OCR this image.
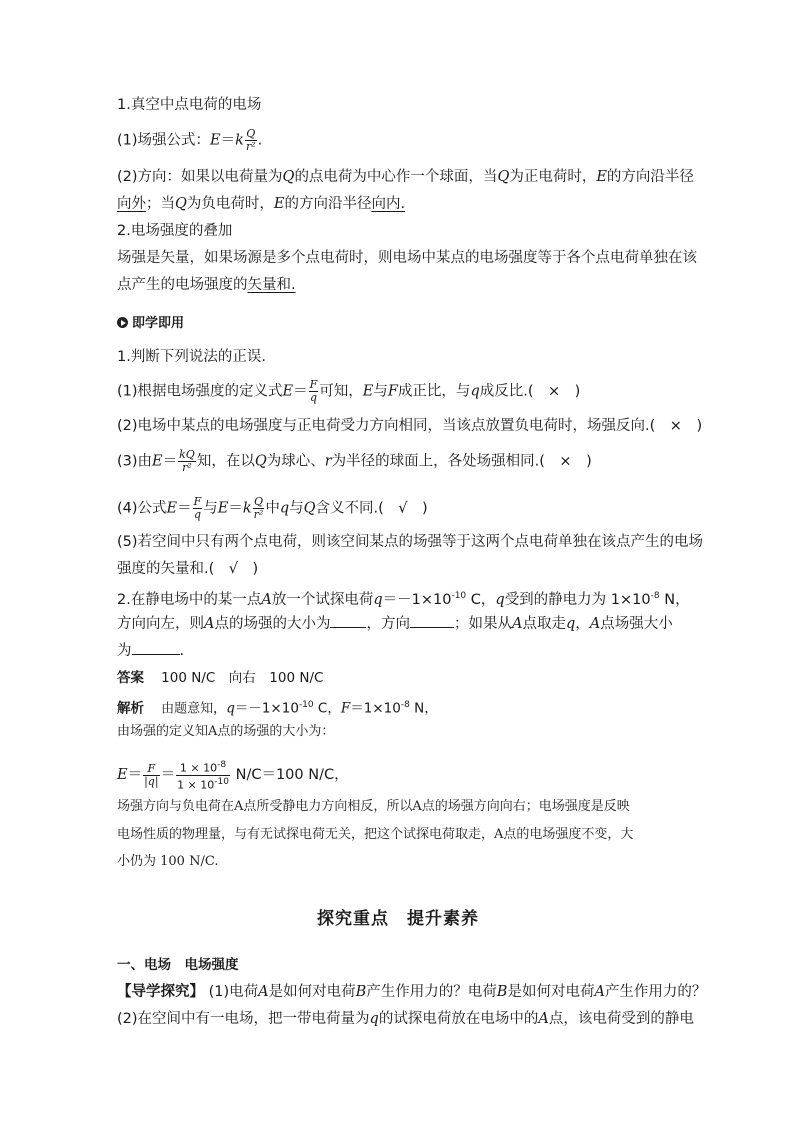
1.真空中点电荷的电场
(1)场强公式：$E=k \frac{Q}{\text{r²}}$ .
(2)方向：如果以电荷量为Q的点电荷为中心作一个球面，当Q为正电荷时，E的方向沿半径
向外；当Q为负电荷时，E的方向沿半径向内.
2.电场强度的叠加
场强是矢量，如果场源是多个点电荷时，则电场中某点的电场强度等于各个点电荷单独在该
点产生的电场强度的矢量和.
即学即用
1.判断下列说法的正误.
(1)根据电场强度的定义式$E= \frac{F}{q}$ 可知，E与F成正比，与q成反比.(　×　)
(2)电场中某点的电场强度与正电荷受力方向相同，当该点放置负电荷时，场强反向.(　×　)
(3)由$E= \frac{kQ}{\text{r²}}$ 知，在以Q为球心、r为半径的球面上，各处场强相同.(　×　)
(4)公式$E= \frac{F}{q}$ 与$E=k \frac{Q}{\text{r²}}$ 中q与Q含义不同.(　√　)
(5)若空间中只有两个点电荷，则该空间某点的场强等于这两个点电荷单独在该点产生的电场
强度的矢量和.(　√　)
2.在静电场中的某一点A放一个试探电荷$q=-1\times 10^{-10}$ C，q受到的静电力为 $1\times 10^{-8}$ N，
方向向左，则A点的场强的大小为 ，方向	；如果从A点取走q，A点场强大小
为	.
答案 100 N/C　向右　100 N/C
解析 由题意知，$q=-1\times 10^{-10}$ C，$F=1\times 10^{-8}$ N，
由场强的定义知A点的场强的大小为：
$E= \frac{F}{|q|} = \frac{1 \times 10^{-8}}{1 \times 10^{-10}} N/C=100$ N/C，
场强方向与负电荷在A点所受静电力方向相反，所以A点的场强方向向右；电场强度是反映
电场性质的物理量，与有无试探电荷无关，把这个试探电荷取走，A点的电场强度不变，大
小仍为 100 N/C.
探究重点　提升素养
一、电场　电场强度
【导学探究】 (1)电荷A是如何对电荷B产生作用力的？电荷B是如何对电荷A产生作用力的？
(2)在空间中有一电场，把一带电荷量为q的试探电荷放在电场中的A点，该电荷受到的静电
